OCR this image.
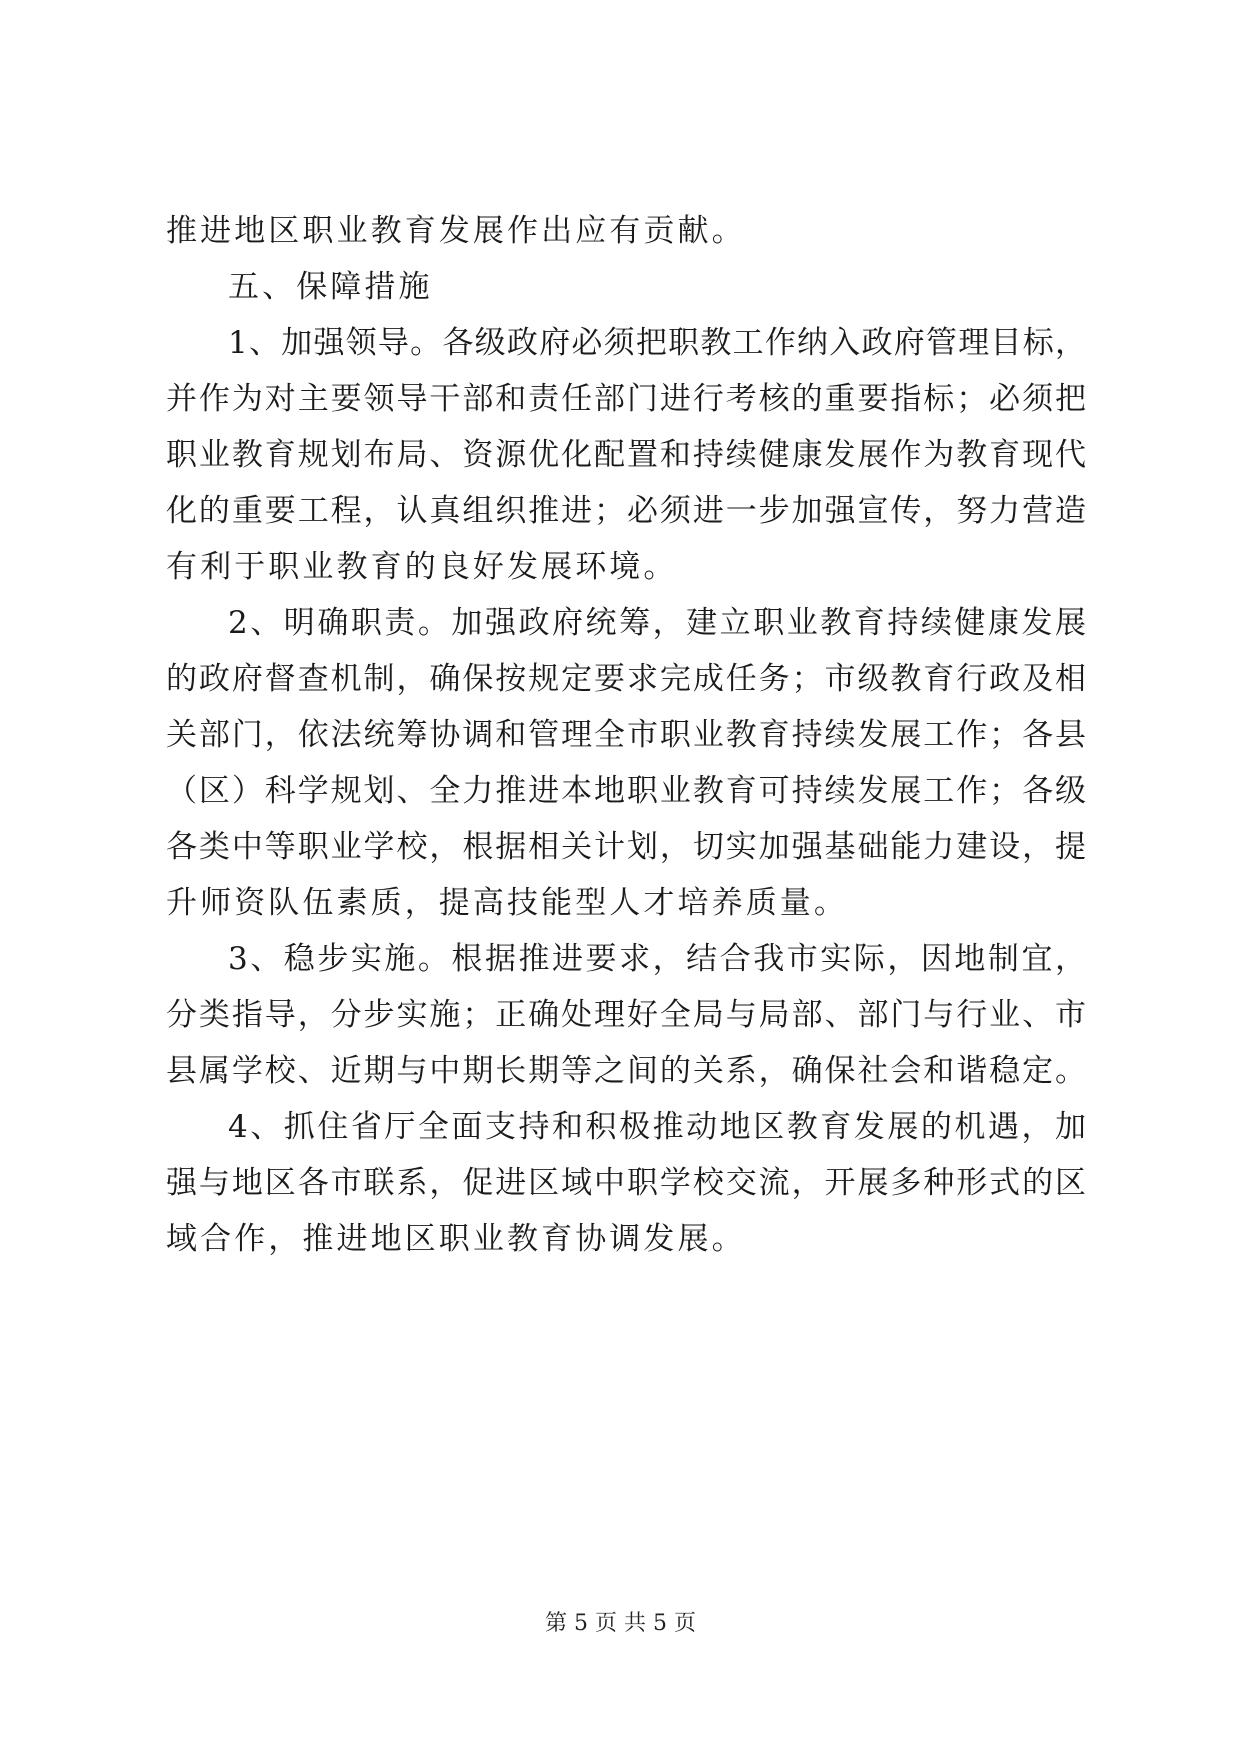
推进地区职业教育发展作出应有贡献。
五、保障措施
1、加强领导。各级政府必须把职教工作纳入政府管理目标，
并作为对主要领导干部和责任部门进行考核的重要指标；必须把
职业教育规划布局、资源优化配置和持续健康发展作为教育现代
化的重要工程，认真组织推进；必须进一步加强宣传，努力营造
有利于职业教育的良好发展环境。
2、明确职责。加强政府统筹，建立职业教育持续健康发展
的政府督查机制，确保按规定要求完成任务；市级教育行政及相
关部门，依法统筹协调和管理全市职业教育持续发展工作；各县
（区）科学规划、全力推进本地职业教育可持续发展工作；各级
各类中等职业学校，根据相关计划，切实加强基础能力建设，提
升师资队伍素质，提高技能型人才培养质量。
3、稳步实施。根据推进要求，结合我市实际，因地制宜，
分类指导，分步实施；正确处理好全局与局部、部门与行业、市
县属学校、近期与中期长期等之间的关系，确保社会和谐稳定。
4、抓住省厅全面支持和积极推动地区教育发展的机遇，加
强与地区各市联系，促进区域中职学校交流，开展多种形式的区
域合作，推进地区职业教育协调发展。
第 5 页 共 5 页
